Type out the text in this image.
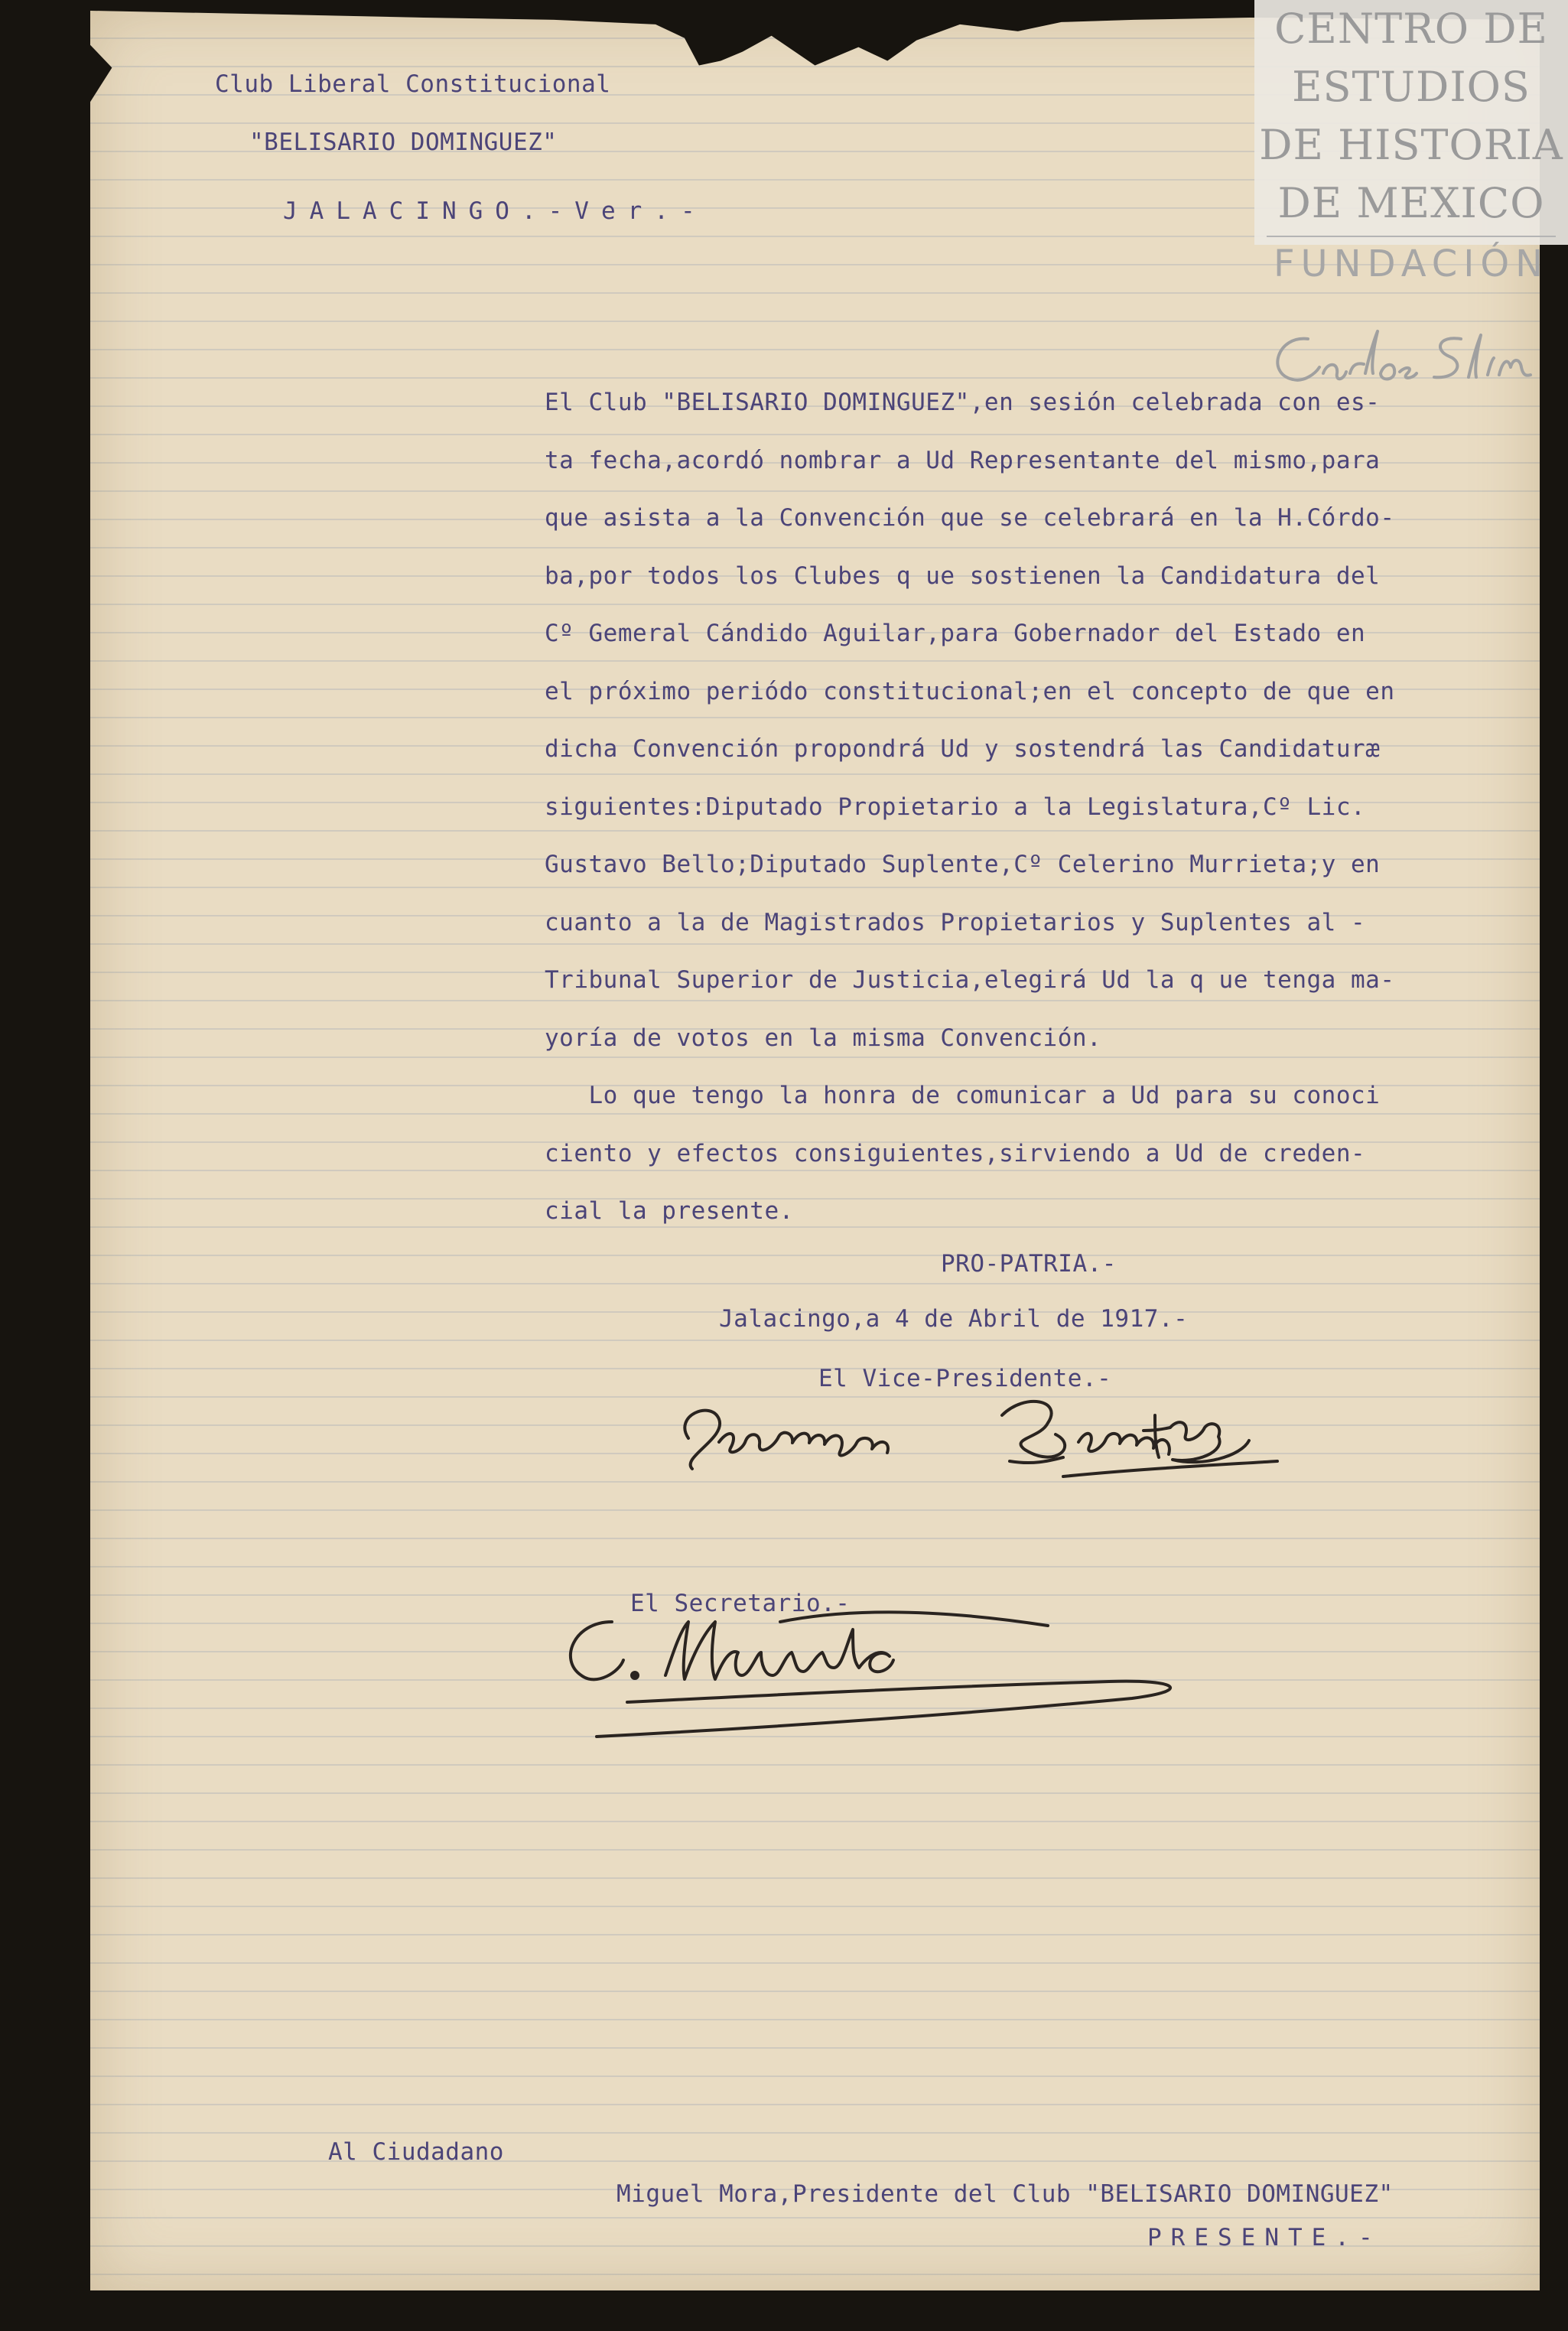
Club Liberal Constitucional
"BELISARIO DOMINGUEZ"
JALACINGO.-Ver.-
El Club "BELISARIO DOMINGUEZ",en sesión celebrada con es-
ta fecha,acordó nombrar a Ud Representante del mismo,para
que asista a la Convención que se celebrará en la H.Córdo-
ba,por todos los Clubes q ue sostienen la Candidatura del
Cº Gemeral Cándido Aguilar,para Gobernador del Estado en
el próximo periódo constitucional;en el concepto de que en
dicha Convención propondrá Ud y sostendrá las Candidaturæ
siguientes:Diputado Propietario a la Legislatura,Cº Lic.
Gustavo Bello;Diputado Suplente,Cº Celerino Murrieta;y en
cuanto a la de Magistrados Propietarios y Suplentes al -
Tribunal Superior de Justicia,elegirá Ud la q ue tenga ma-
yoría de votos en la misma Convención.
Lo que tengo la honra de comunicar a Ud para su conoci
ciento y efectos consiguientes,sirviendo a Ud de creden-
cial la presente.
PRO-PATRIA.-
Jalacingo,a 4 de Abril de 1917.-
El Vice-Presidente.-
El Secretario.-
Al Ciudadano
Miguel Mora,Presidente del Club "BELISARIO DOMINGUEZ"
PRESENTE.-
CENTRO DE
ESTUDIOS
DE HISTORIA
DE MEXICO
FUNDACIÓN
